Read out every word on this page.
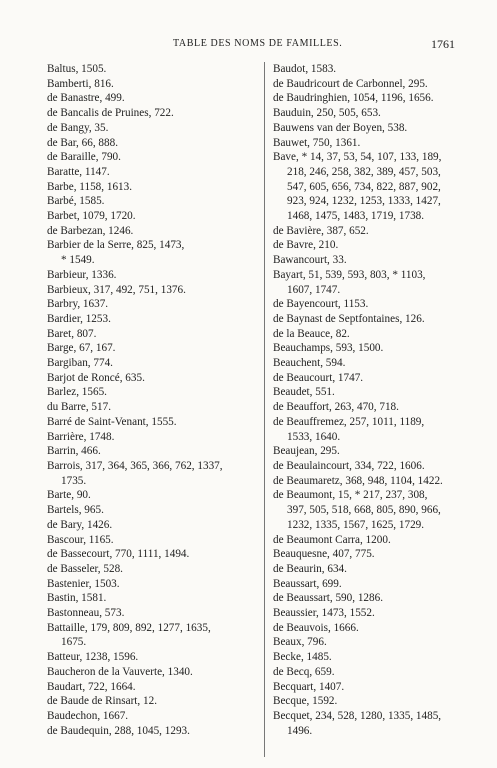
TABLE DES NOMS DE FAMILLES.	1761
Baltus, 1505.
Bamberti, 816.
de Banastre, 499.
de Bancalis de Pruines, 722.
de Bangy, 35.
de Bar, 66, 888.
de Baraille, 790.
Baratte, 1147.
Barbe, 1158, 1613.
Barbé, 1585.
Barbet, 1079, 1720.
de Barbezan, 1246.
Barbier de la Serre, 825, 1473,
* 1549.
Barbieur, 1336.
Barbieux, 317, 492, 751, 1376.
Barbry, 1637.
Bardier, 1253.
Baret, 807.
Barge, 67, 167.
Bargiban, 774.
Barjot de Roncé, 635.
Barlez, 1565.
du Barre, 517.
Barré de Saint-Venant, 1555.
Barrière, 1748.
Barrin, 466.
Barrois, 317, 364, 365, 366, 762, 1337,
1735.
Barte, 90.
Bartels, 965.
de Bary, 1426.
Bascour, 1165.
de Bassecourt, 770, 1111, 1494.
de Basseler, 528.
Bastenier, 1503.
Bastin, 1581.
Bastonneau, 573.
Battaille, 179, 809, 892, 1277, 1635,
1675.
Batteur, 1238, 1596.
Baucheron de la Vauverte, 1340.
Baudart, 722, 1664.
de Baude de Rinsart, 12.
Baudechon, 1667.
de Baudequin, 288, 1045, 1293.
Baudot, 1583.
de Baudricourt de Carbonnel, 295.
de Baudringhien, 1054, 1196, 1656.
Bauduin, 250, 505, 653.
Bauwens van der Boyen, 538.
Bauwet, 750, 1361.
Bave, * 14, 37, 53, 54, 107, 133, 189,
218, 246, 258, 382, 389, 457, 503,
547, 605, 656, 734, 822, 887, 902,
923, 924, 1232, 1253, 1333, 1427,
1468, 1475, 1483, 1719, 1738.
de Bavière, 387, 652.
de Bavre, 210.
Bawancourt, 33.
Bayart, 51, 539, 593, 803, * 1103,
1607, 1747.
de Bayencourt, 1153.
de Baynast de Septfontaines, 126.
de la Beauce, 82.
Beauchamps, 593, 1500.
Beauchent, 594.
de Beaucourt, 1747.
Beaudet, 551.
de Beauffort, 263, 470, 718.
de Beauffremez, 257, 1011, 1189,
1533, 1640.
Beaujean, 295.
de Beaulaincourt, 334, 722, 1606.
de Beaumaretz, 368, 948, 1104, 1422.
de Beaumont, 15, * 217, 237, 308,
397, 505, 518, 668, 805, 890, 966,
1232, 1335, 1567, 1625, 1729.
de Beaumont Carra, 1200.
Beauquesne, 407, 775.
de Beaurin, 634.
Beaussart, 699.
de Beaussart, 590, 1286.
Beaussier, 1473, 1552.
de Beauvois, 1666.
Beaux, 796.
Becke, 1485.
de Becq, 659.
Becquart, 1407.
Becque, 1592.
Becquet, 234, 528, 1280, 1335, 1485,
1496.
